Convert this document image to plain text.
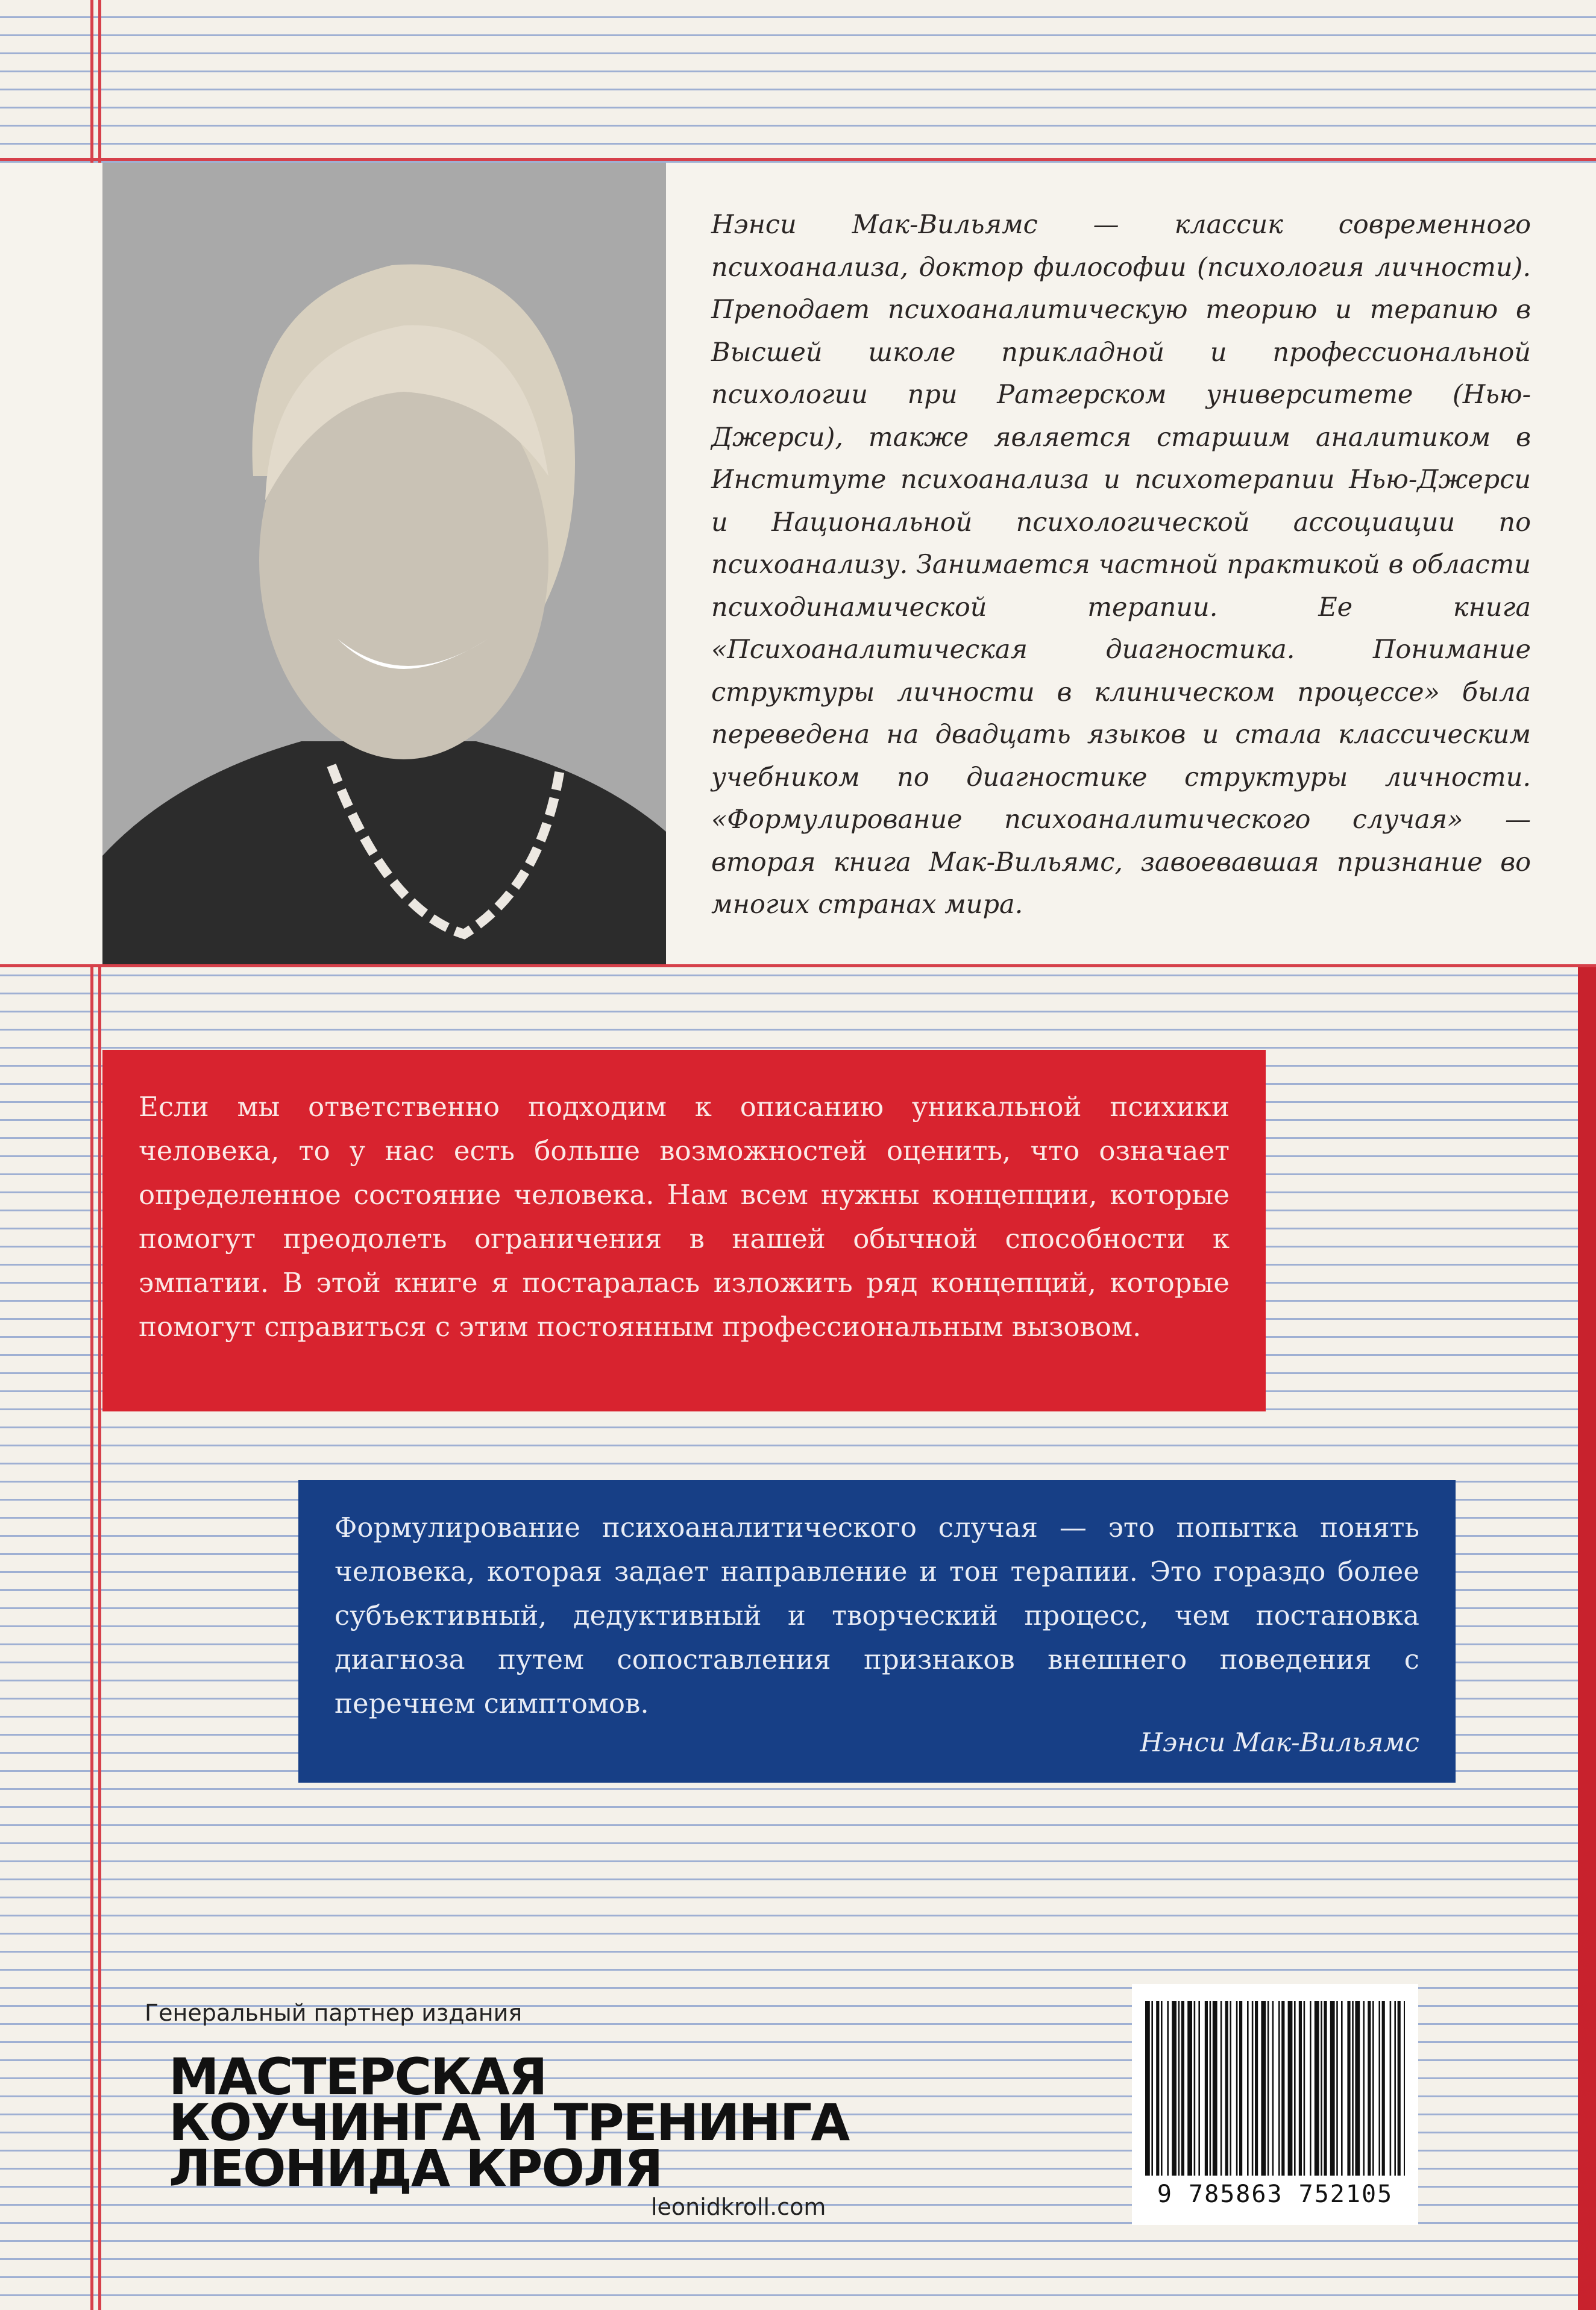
Нэнси Мак-Вильямс — классик современного психоанализа, доктор философии (психология личности). Преподает психоаналитическую теорию и терапию в Высшей школе прикладной и профессиональной психологии при Ратгерском университете (Нью-Джерси), также является старшим аналитиком в Институте психоанализа и психотерапии Нью-Джерси и Национальной психологической ассоциации по психоанализу. Занимается частной практикой в области психодинамической терапии. Ее книга «Психоаналитическая диагностика. Понимание структуры личности в клиническом процессе» была переведена на двадцать языков и стала классическим учебником по диагностике структуры личности. «Формулирование психоаналитического случая» — вторая книга Мак-Вильямс, завоевавшая признание во многих странах мира.
Если мы ответственно подходим к описанию уникальной психики человека, то у нас есть больше возможностей оценить, что означает определенное состояние человека. Нам всем нужны концепции, которые помогут преодолеть ограничения в нашей обычной способности к эмпатии. В этой книге я постаралась изложить ряд концепций, которые помогут справиться с этим постоянным профессиональным вызовом.
Формулирование психоаналитического случая — это попытка понять человека, которая задает направление и тон терапии. Это гораздо более субъективный, дедуктивный и творческий процесс, чем постановка диагноза путем сопоставления признаков внешнего поведения с перечнем симптомов.
Нэнси Мак-Вильямс
Генеральный партнер издания
МАСТЕРСКАЯ
КОУЧИНГА И ТРЕНИНГА
ЛЕОНИДА КРОЛЯ
leonidkroll.com	9 785863 752105
